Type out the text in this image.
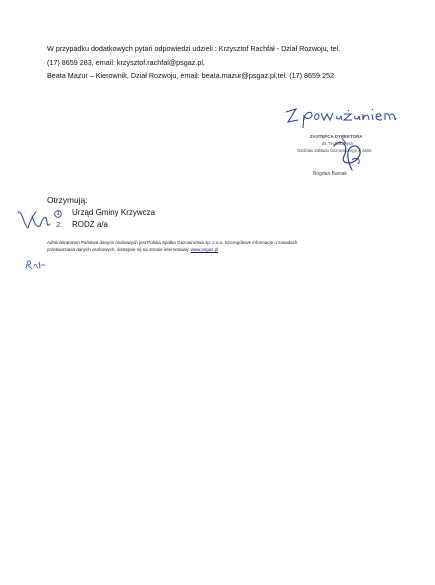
W przypadku dodatkowych pytań odpowiedzi udzieli : Krzysztof Rachfał - Dział Rozwoju, tel.
(17) 8659 283, email: krzysztof.rachfal@psgaz.pl,
Beata Mazur – Kierownik, Dział Rozwoju, email: beata.mazur@psgaz.pl,tel. (17) 8659 252
ZASTĘPCA DYREKTORA
ds. Technicznych
Oddziału Zakładu Gazowniczego w Jaśle
Bogdan Baniak
Otrzymują:
1. Urząd Gminy Krzywcza
2. RODZ a/a
Administratorem Państwa danych osobowych jest Polska Spółka Gazownictwa sp. z o.o. Szczegółowe informacje o zasadach
przetwarzania danych osobowych, dostępne są na stronie internetowej: www.psgaz.pl
